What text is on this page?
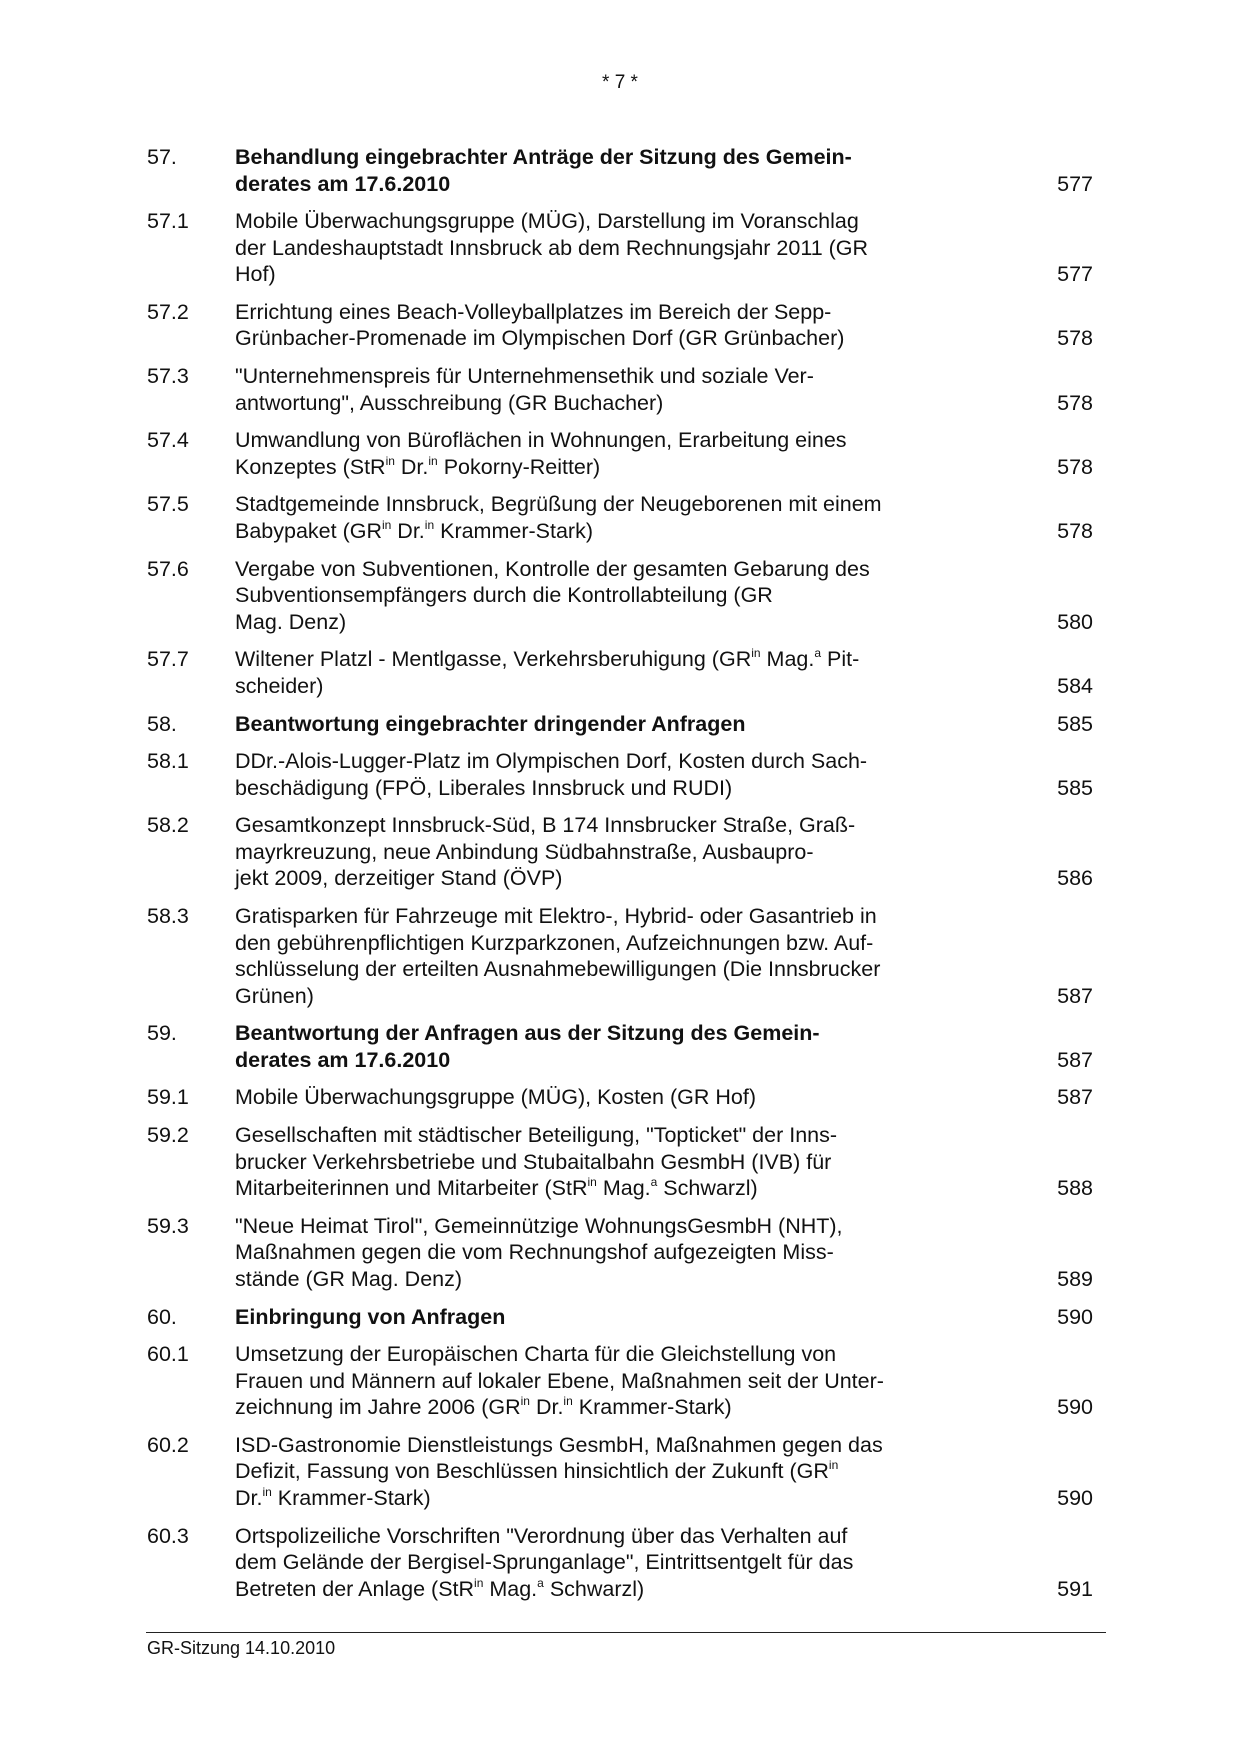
* 7 *
57.	Behandlung eingebrachter Anträge der Sitzung des Gemein-
derates am 17.6.2010	577
57.1 Mobile Überwachungsgruppe (MÜG), Darstellung im Voranschlag
der Landeshauptstadt Innsbruck ab dem Rechnungsjahr 2011 (GR
Hof)	577
57.2 Errichtung eines Beach-Volleyballplatzes im Bereich der Sepp-
Grünbacher-Promenade im Olympischen Dorf (GR Grünbacher)	578
57.3 "Unternehmenspreis für Unternehmensethik und soziale Ver-
antwortung", Ausschreibung (GR Buchacher)	578
57.4 Umwandlung von Büroflächen in Wohnungen, Erarbeitung eines
Konzeptes (StR$^{in}$ Dr.$^{in}$ Pokorny-Reitter)	578
57.5 Stadtgemeinde Innsbruck, Begrüßung der Neugeborenen mit einem
Babypaket ($GR^{in}$ Dr.$^{in}$ Krammer-Stark)	578
57.6 Vergabe von Subventionen, Kontrolle der gesamten Gebarung des
Subventionsempfängers durch die Kontrollabteilung (GR
Mag. Denz)	580
57.7 Wiltener Platzl - Mentlgasse, Verkehrsberuhigung ($GR^{in}$ Mag.$^a$ Pit-
scheider)	584
58.	Beantwortung eingebrachter dringender Anfragen	585
58.1 DDr.-Alois-Lugger-Platz im Olympischen Dorf, Kosten durch Sach-
beschädigung (FPÖ, Liberales Innsbruck und RUDI)	585
58.2 Gesamtkonzept Innsbruck-Süd, B 174 Innsbrucker Straße, Graß-
mayrkreuzung, neue Anbindung Südbahnstraße, Ausbaupro-
jekt 2009, derzeitiger Stand (ÖVP)	586
58.3 Gratisparken für Fahrzeuge mit Elektro-, Hybrid- oder Gasantrieb in
den gebührenpflichtigen Kurzparkzonen, Aufzeichnungen bzw. Auf-
schlüsselung der erteilten Ausnahmebewilligungen (Die Innsbrucker
Grünen)	587
59.	Beantwortung der Anfragen aus der Sitzung des Gemein-
derates am 17.6.2010	587
59.1 Mobile Überwachungsgruppe (MÜG), Kosten (GR Hof)	587
59.2 Gesellschaften mit städtischer Beteiligung, "Topticket" der Inns-
brucker Verkehrsbetriebe und Stubaitalbahn GesmbH (IVB) für
Mitarbeiterinnen und Mitarbeiter (StR$^{in}$ Mag.$^a$ Schwarzl)	588
59.3 "Neue Heimat Tirol", Gemeinnützige WohnungsGesmbH (NHT),
Maßnahmen gegen die vom Rechnungshof aufgezeigten Miss-
stände (GR Mag. Denz)	589
60.	Einbringung von Anfragen	590
60.1 Umsetzung der Europäischen Charta für die Gleichstellung von
Frauen und Männern auf lokaler Ebene, Maßnahmen seit der Unter-
zeichnung im Jahre 2006 ($GR^{in}$ Dr.$^{in}$ Krammer-Stark)	590
60.2 ISD-Gastronomie Dienstleistungs GesmbH, Maßnahmen gegen das
Defizit, Fassung von Beschlüssen hinsichtlich der Zukunft ($GR^{in}$
Dr.$^{in}$ Krammer-Stark)	590
60.3 Ortspolizeiliche Vorschriften "Verordnung über das Verhalten auf
dem Gelände der Bergisel-Sprunganlage", Eintrittsentgelt für das
Betreten der Anlage (StR$^{in}$ Mag.$^a$ Schwarzl)	591
GR-Sitzung 14.10.2010
